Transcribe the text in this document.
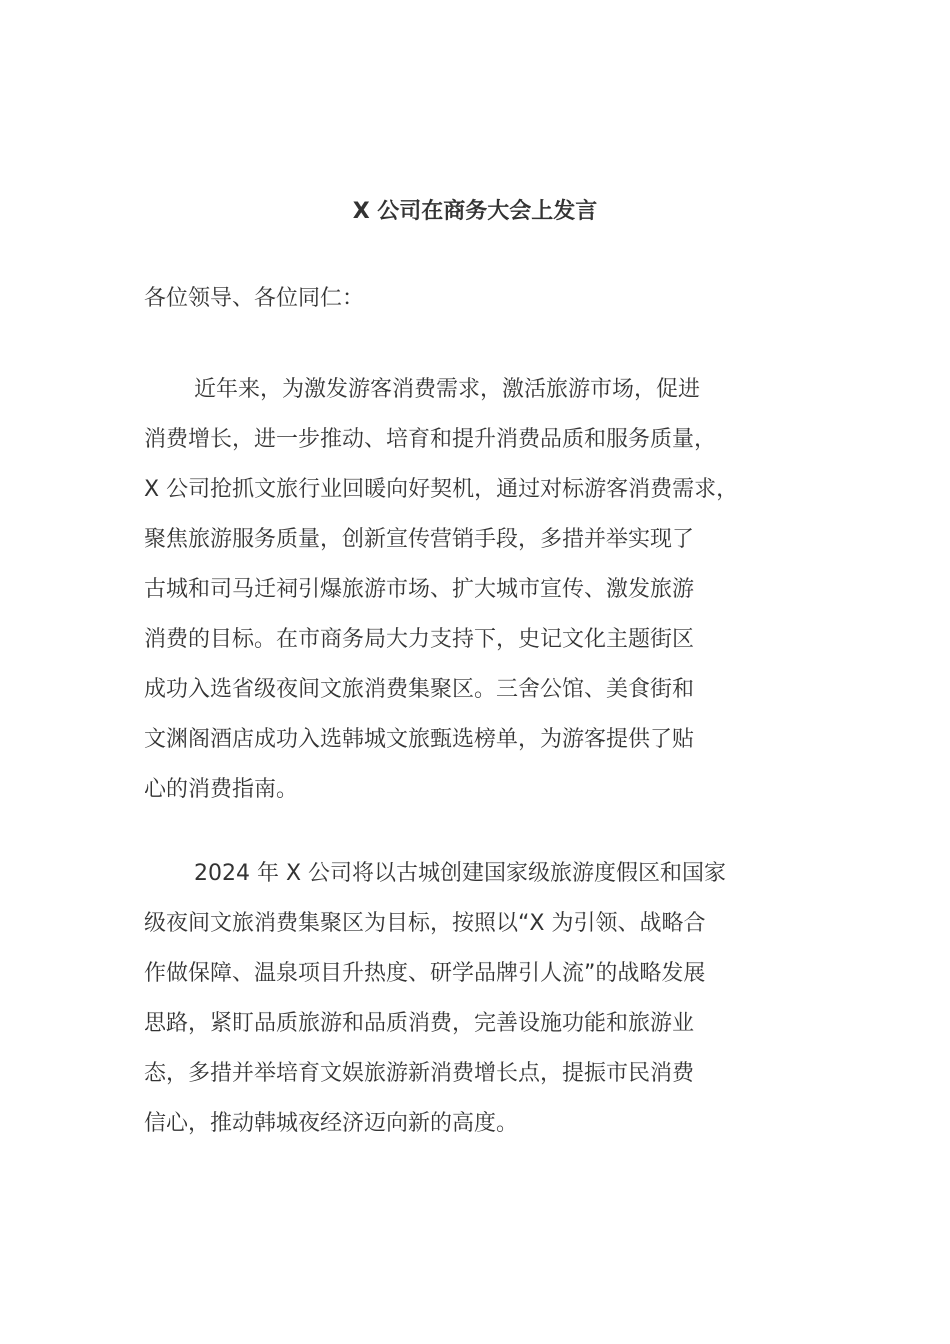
X 公司在商务大会上发言
各位领导、各位同仁：
近年来，为激发游客消费需求，激活旅游市场，促进
消费增长，进一步推动、培育和提升消费品质和服务质量，
X 公司抢抓文旅行业回暖向好契机，通过对标游客消费需求，
聚焦旅游服务质量，创新宣传营销手段，多措并举实现了
古城和司马迁祠引爆旅游市场、扩大城市宣传、激发旅游
消费的目标。在市商务局大力支持下，史记文化主题街区
成功入选省级夜间文旅消费集聚区。三舍公馆、美食街和
文渊阁酒店成功入选韩城文旅甄选榜单，为游客提供了贴
心的消费指南。
2024 年 X 公司将以古城创建国家级旅游度假区和国家
级夜间文旅消费集聚区为目标，按照以“X 为引领、战略合
作做保障、温泉项目升热度、研学品牌引人流”的战略发展
思路，紧盯品质旅游和品质消费，完善设施功能和旅游业
态，多措并举培育文娱旅游新消费增长点，提振市民消费
信心，推动韩城夜经济迈向新的高度。
